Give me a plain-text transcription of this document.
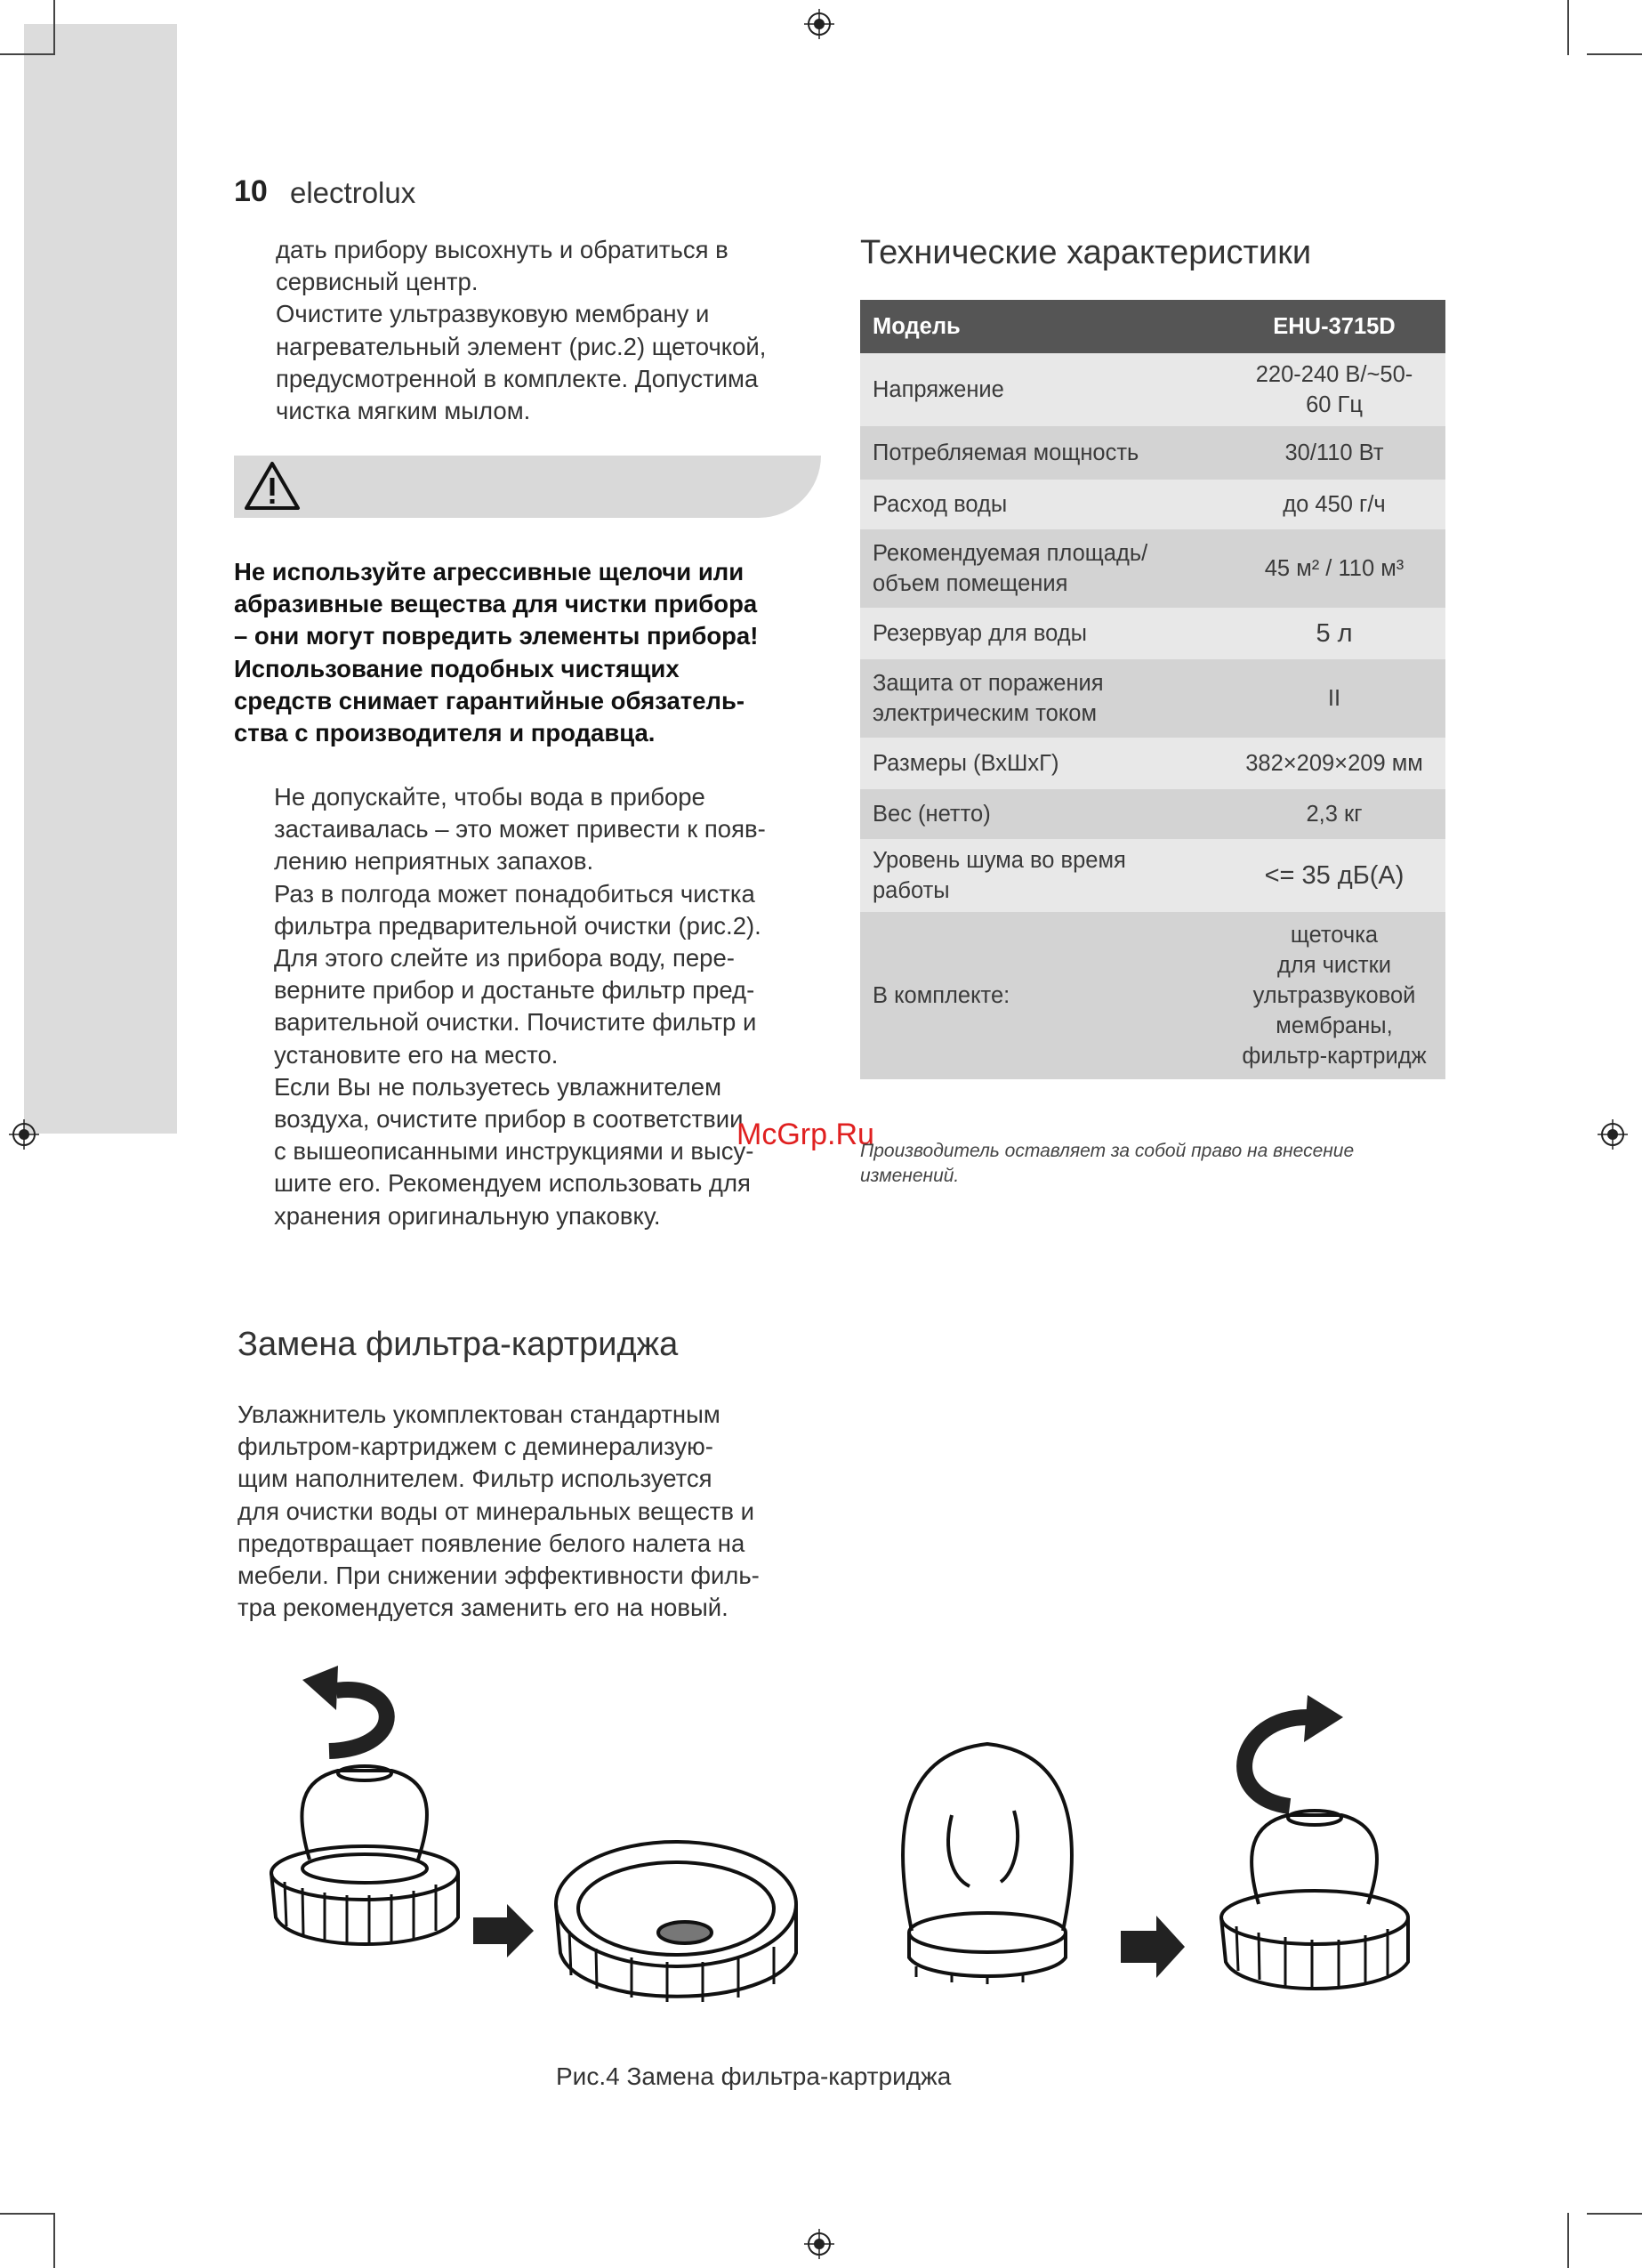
10 electrolux
дать прибору высохнуть и обратиться в
сервисный центр.
Очистите ультразвуковую мембрану и
нагревательный элемент (рис.2) щеточкой,
предусмотренной в комплекте. Допустима
чистка мягким мылом.
Не используйте агрессивные щелочи или
абразивные вещества для чистки прибора
– они могут повредить элементы прибора!
Использование подобных чистящих
средств снимает гарантийные обязатель-
ства с производителя и продавца.
Не допускайте, чтобы вода в приборе
застаивалась – это может привести к появ-
лению неприятных запахов.
Раз в полгода может понадобиться чистка
фильтра предварительной очистки (рис.2).
Для этого слейте из прибора воду, пере-
верните прибор и достаньте фильтр пред-
варительной очистки. Почистите фильтр и
установите его на место.
Если Вы не пользуетесь увлажнителем
воздуха, очистите прибор в соответствии
с вышеописанными инструкциями и высу-
шите его. Рекомендуем использовать для
хранения оригинальную упаковку.
Технические характеристики
Модель	EHU-3715D
Напряжение	220-240 В/~50-
60 Гц
Потребляемая мощность	30/110 Вт
Расход воды	до 450 г/ч
Рекомендуемая площадь/
объем помещения	45 м² / 110 м³
Резервуар для воды	5 л
Защита от поражения
электрическим током	II
Размеры (ВхШхГ)	382×209×209 мм
Вес (нетто)	2,3 кг
Уровень шума во время
работы	<= 35 дБ(А)
В комплекте:	щеточка
для чистки
ультразвуковой
мембраны,
фильтр-картридж
McGrp.Ru
Производитель оставляет за собой право на внесение изменений.
Замена фильтра-картриджа
Увлажнитель укомплектован стандартным
фильтром-картриджем с деминерализую-
щим наполнителем. Фильтр используется
для очистки воды от минеральных веществ и
предотвращает появление белого налета на
мебели. При снижении эффективности филь-
тра рекомендуется заменить его на новый.
Рис.4 Замена фильтра-картриджа
